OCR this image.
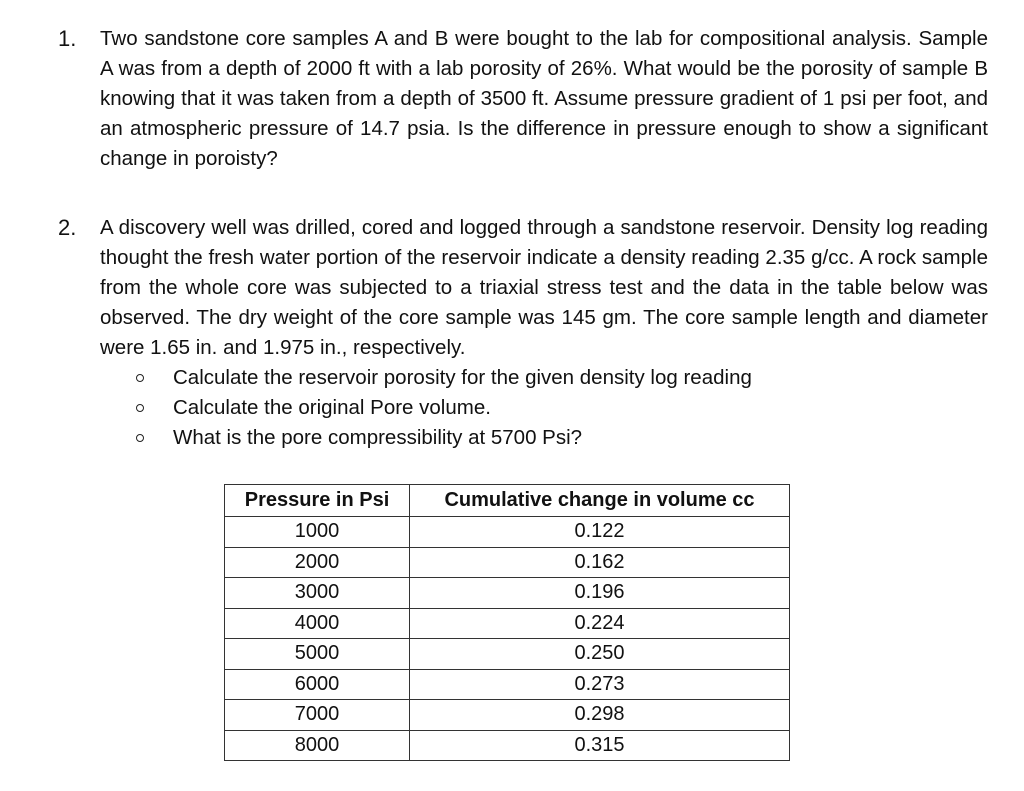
1. Two sandstone core samples A and B were bought to the lab for compositional analysis. Sample A was from a depth of 2000 ft with a lab porosity of 26%. What would be the porosity of sample B knowing that it was taken from a depth of 3500 ft. Assume pressure gradient of 1 psi per foot, and an atmospheric pressure of 14.7 psia. Is the difference in pressure enough to show a significant change in poroisty?
2. A discovery well was drilled, cored and logged through a sandstone reservoir. Density log reading thought the fresh water portion of the reservoir indicate a density reading 2.35 g/cc. A rock sample from the whole core was subjected to a triaxial stress test and the data in the table below was observed. The dry weight of the core sample was 145 gm. The core sample length and diameter were 1.65 in. and 1.975 in., respectively.
Calculate the reservoir porosity for the given density log reading
Calculate the original Pore volume.
What is the pore compressibility at 5700 Psi?
Pressure in Psi	Cumulative change in volume cc
1000	0.122
2000	0.162
3000	0.196
4000	0.224
5000	0.250
6000	0.273
7000	0.298
8000	0.315
